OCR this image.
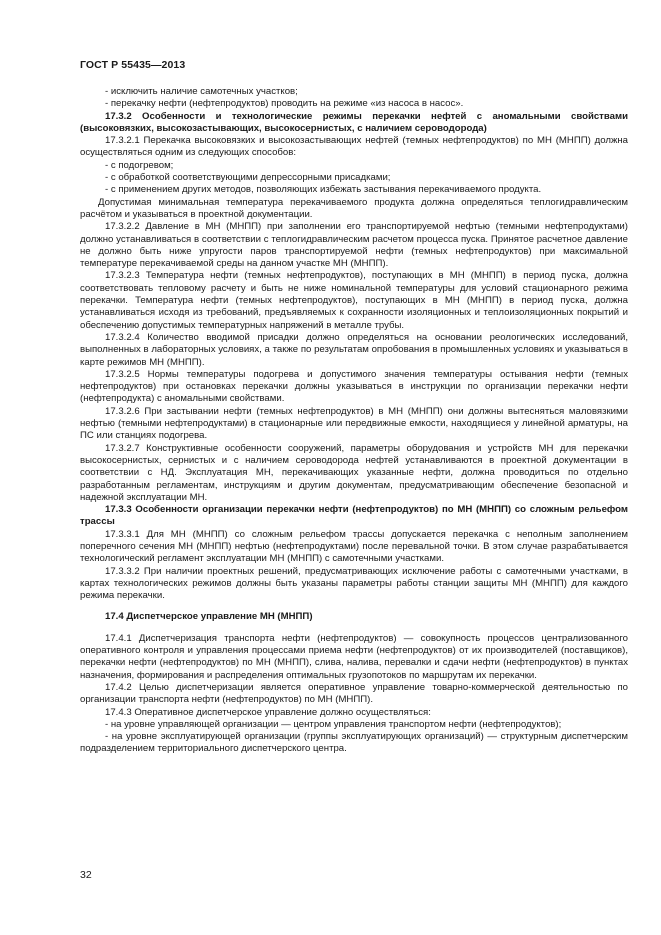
ГОСТ Р 55435—2013

- исключить наличие самотечных участков;

- перекачку нефти (нефтепродуктов) проводить на режиме «из насоса в насос».

17.3.2 Особенности и технологические режимы перекачки нефтей с аномальными свойствами (высоковязких, высокозастывающих, высокосернистых, с наличием сероводорода)

17.3.2.1 Перекачка высоковязких и высокозастывающих нефтей (темных нефтепродуктов) по МН (МНПП) должна осуществляться одним из следующих способов:

- с подогревом;

- с обработкой соответствующими депрессорными присадками;

- с применением других методов, позволяющих избежать застывания перекачиваемого продукта.

Допустимая минимальная температура перекачиваемого продукта должна определяться теплогидравлическим расчётом и указываться в проектной документации.

17.3.2.2 Давление в МН (МНПП) при заполнении его транспортируемой нефтью (темными нефтепродуктами) должно устанавливаться в соответствии с теплогидравлическим расчетом процесса пуска. Принятое расчетное давление не должно быть ниже упругости паров транспортируемой нефти (темных нефтепродуктов) при максимальной температуре перекачиваемой среды на данном участке МН (МНПП).

17.3.2.3 Температура нефти (темных нефтепродуктов), поступающих в МН (МНПП) в период пуска, должна соответствовать тепловому расчету и быть не ниже номинальной температуры для условий стационарного режима перекачки. Температура нефти (темных нефтепродуктов), поступающих в МН (МНПП) в период пуска, должна устанавливаться исходя из требований, предъявляемых к сохранности изоляционных и теплоизоляционных покрытий и обеспечению допустимых температурных напряжений в металле трубы.

17.3.2.4 Количество вводимой присадки должно определяться на основании реологических исследований, выполненных в лабораторных условиях, а также по результатам опробования в промышленных условиях и указываться в карте режимов МН (МНПП).

17.3.2.5 Нормы температуры подогрева и допустимого значения температуры остывания нефти (темных нефтепродуктов) при остановках перекачки должны указываться в инструкции по организации перекачки нефти (нефтепродукта) с аномальными свойствами.

17.3.2.6 При застывании нефти (темных нефтепродуктов) в МН (МНПП) они должны вытесняться маловязкими нефтью (темными нефтепродуктами) в стационарные или передвижные емкости, находящиеся у линейной арматуры, на ПС или станциях подогрева.

17.3.2.7 Конструктивные особенности сооружений, параметры оборудования и устройств МН для перекачки высокосернистых, сернистых и с наличием сероводорода нефтей устанавливаются в проектной документации в соответствии с НД. Эксплуатация МН, перекачивающих указанные нефти, должна проводиться по отдельно разработанным регламентам, инструкциям и другим документам, предусматривающим обеспечение безопасной и надежной эксплуатации МН.

17.3.3 Особенности организации перекачки нефти (нефтепродуктов) по МН (МНПП) со сложным рельефом трассы

17.3.3.1 Для МН (МНПП) со сложным рельефом трассы допускается перекачка с неполным заполнением поперечного сечения МН (МНПП) нефтью (нефтепродуктами) после перевальной точки. В этом случае разрабатывается технологический регламент эксплуатации МН (МНПП) с самотечными участками.

17.3.3.2 При наличии проектных решений, предусматривающих исключение работы с самотечными участками, в картах технологических режимов должны быть указаны параметры работы станции защиты МН (МНПП) для каждого режима перекачки.

17.4 Диспетчерское управление МН (МНПП)

17.4.1 Диспетчеризация транспорта нефти (нефтепродуктов) — совокупность процессов централизованного оперативного контроля и управления процессами приема нефти (нефтепродуктов) от их производителей (поставщиков), перекачки нефти (нефтепродуктов) по МН (МНПП), слива, налива, перевалки и сдачи нефти (нефтепродуктов) в пунктах назначения, формирования и распределения оптимальных грузопотоков по маршрутам их перекачки.

17.4.2 Целью диспетчеризации является оперативное управление товарно-коммерческой деятельностью по организации транспорта нефти (нефтепродуктов) по МН (МНПП).

17.4.3 Оперативное диспетчерское управление должно осуществляться:

- на уровне управляющей организации — центром управления транспортом нефти (нефтепродуктов);

- на уровне эксплуатирующей организации (группы эксплуатирующих организаций) — структурным диспетчерским подразделением территориального диспетчерского центра.

32
